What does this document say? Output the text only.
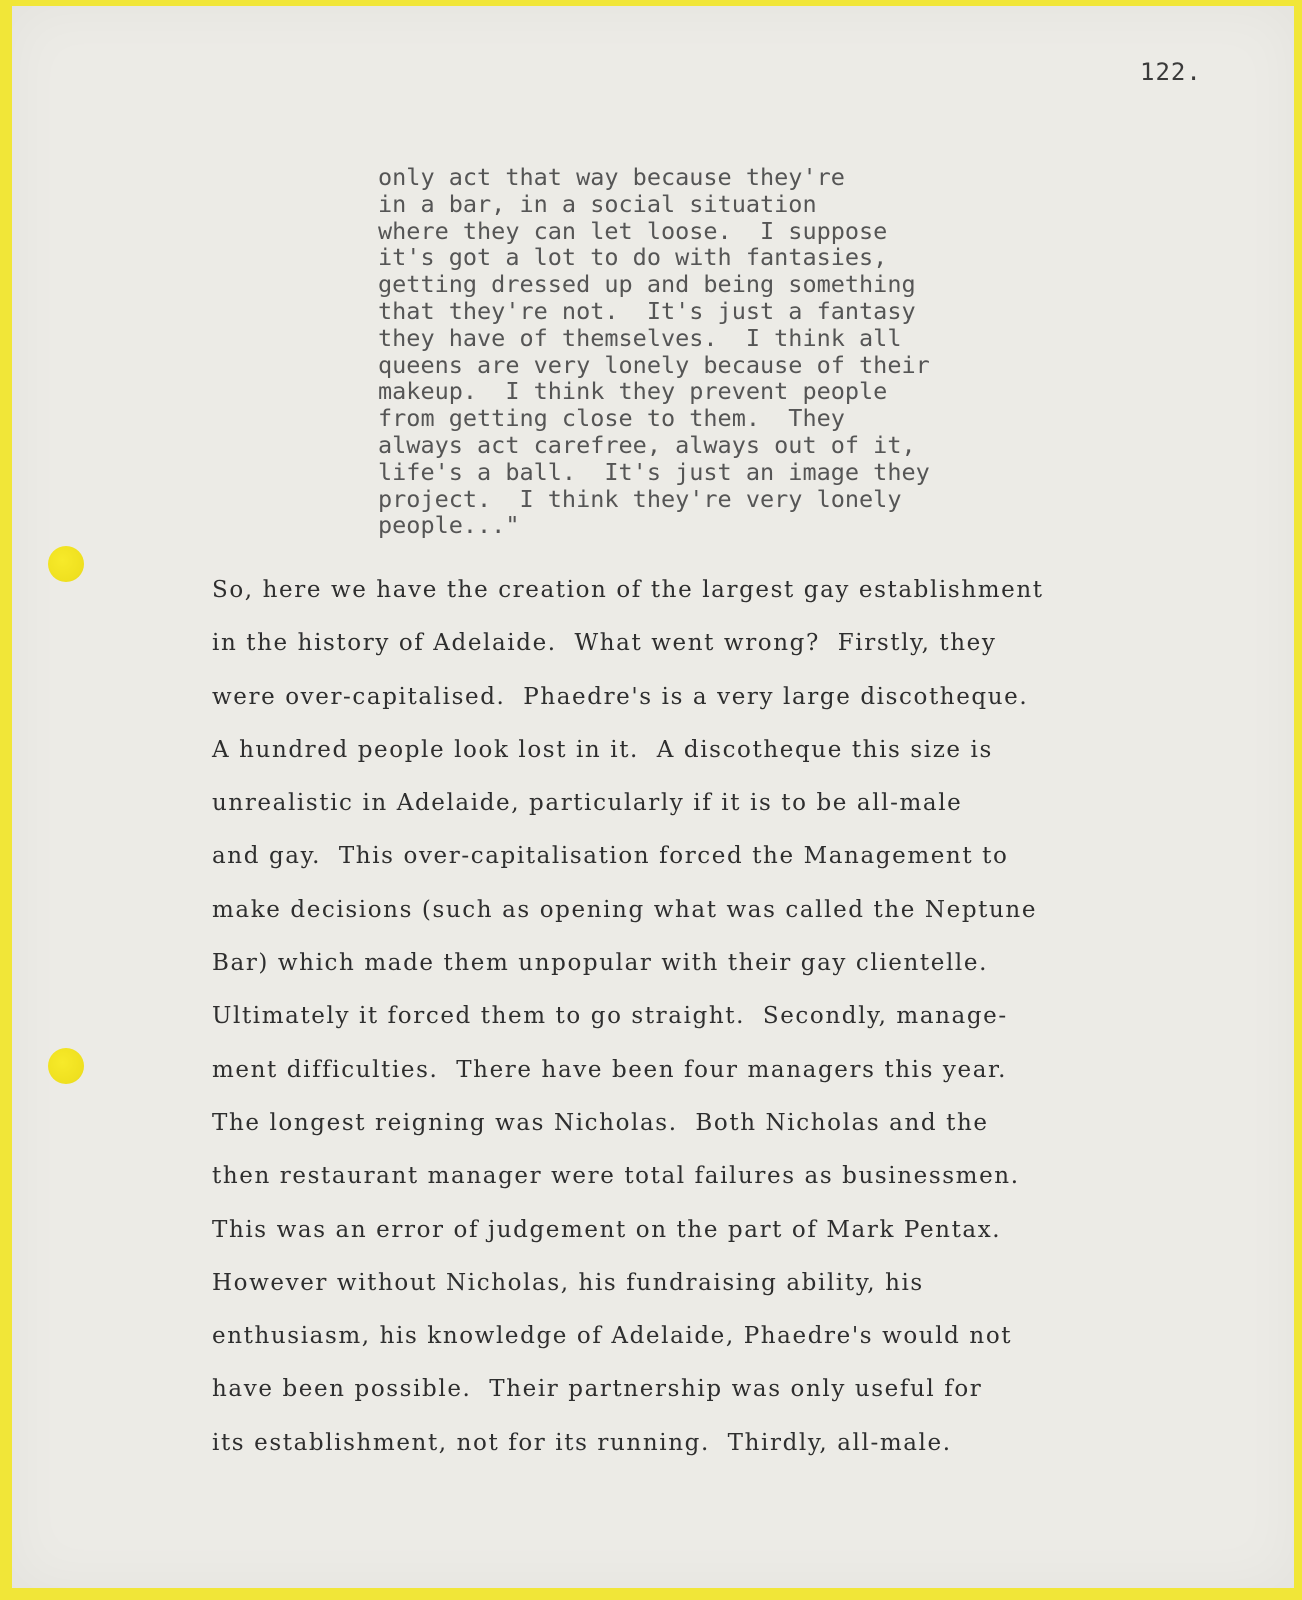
122.
only act that way because they're
in a bar, in a social situation
where they can let loose.  I suppose
it's got a lot to do with fantasies,
getting dressed up and being something
that they're not.  It's just a fantasy
they have of themselves.  I think all
queens are very lonely because of their
makeup.  I think they prevent people
from getting close to them.  They
always act carefree, always out of it,
life's a ball.  It's just an image they
project.  I think they're very lonely
people..."
So, here we have the creation of the largest gay establishment
in the history of Adelaide.  What went wrong?  Firstly, they
were over-capitalised.  Phaedre's is a very large discotheque.
A hundred people look lost in it.  A discotheque this size is
unrealistic in Adelaide, particularly if it is to be all-male
and gay.  This over-capitalisation forced the Management to
make decisions (such as opening what was called the Neptune
Bar) which made them unpopular with their gay clientelle.
Ultimately it forced them to go straight.  Secondly, manage-
ment difficulties.  There have been four managers this year.
The longest reigning was Nicholas.  Both Nicholas and the
then restaurant manager were total failures as businessmen.
This was an error of judgement on the part of Mark Pentax.
However without Nicholas, his fundraising ability, his
enthusiasm, his knowledge of Adelaide, Phaedre's would not
have been possible.  Their partnership was only useful for
its establishment, not for its running.  Thirdly, all-male.
